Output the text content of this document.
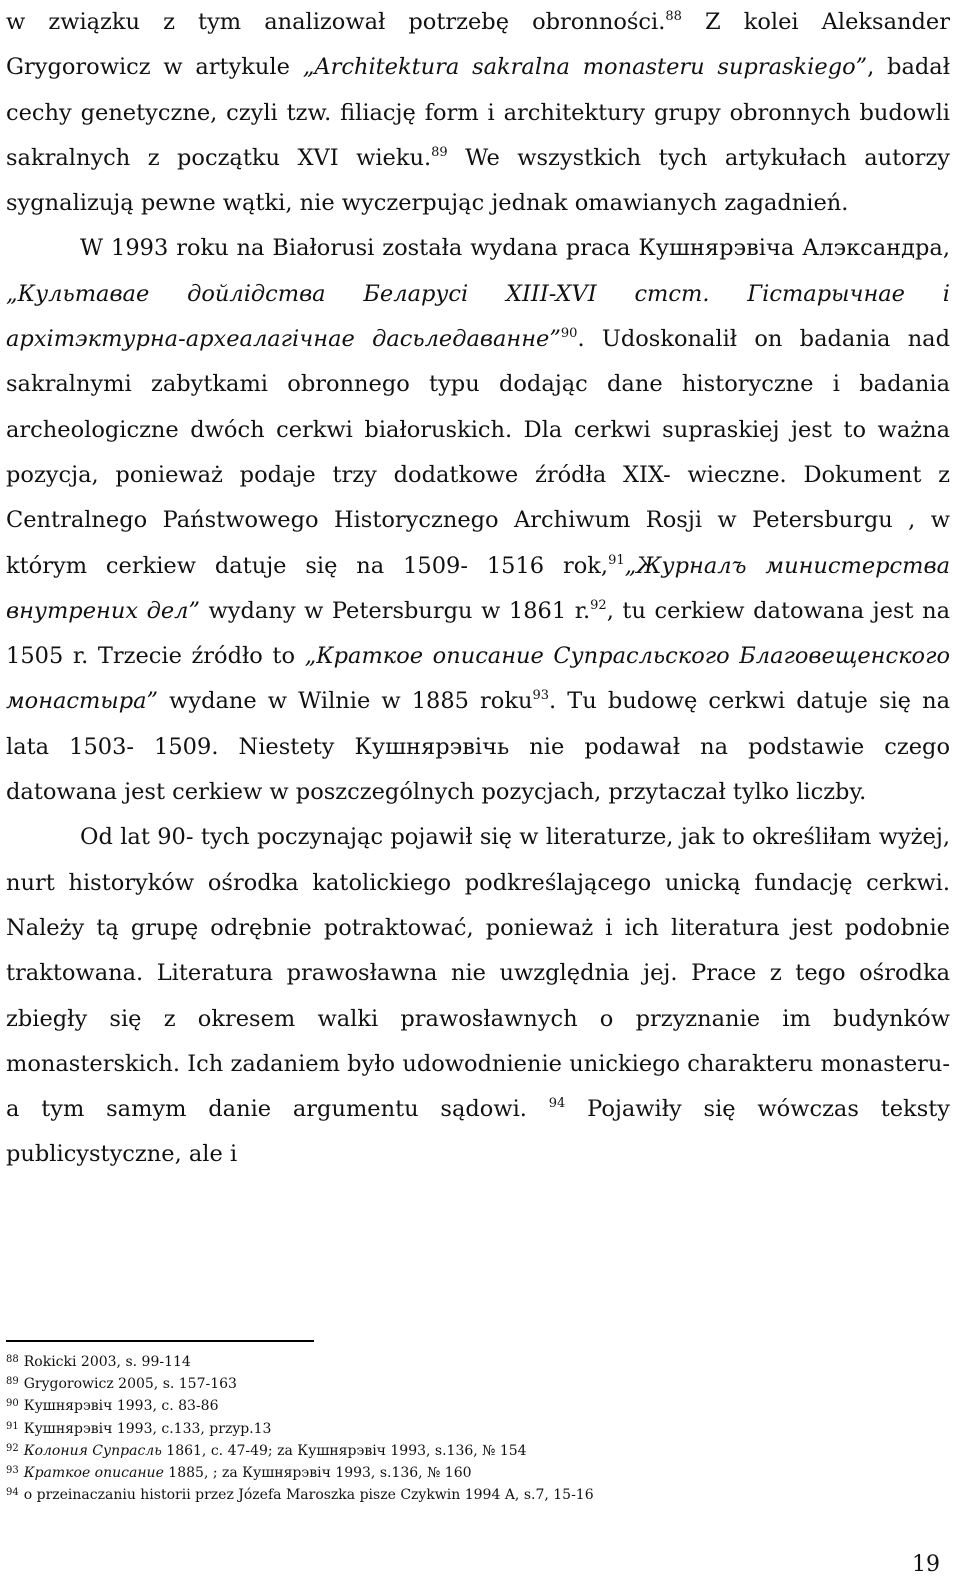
w związku z tym analizował potrzebę obronności.$^{88}$ Z kolei Aleksander Grygorowicz w artykule „Architektura sakralna monasteru supraskiego”, badał cechy genetyczne, czyli tzw. filiację form i architektury grupy obronnych budowli sakralnych z początku XVI wieku.$^{89}$ We wszystkich tych artykułach autorzy sygnalizują pewne wątki, nie wyczerpując jednak omawianych zagadnień.

W 1993 roku na Białorusi została wydana praca Кушнярэвіча Алэксандра, „Культавае дойлідства Беларусі XIII-XVI стст. Гістарычнае і архітэктурна-археалагічнае дасьледаванне”$^{90}$. Udoskonalił on badania nad sakralnymi zabytkami obronnego typu dodając dane historyczne i badania archeologiczne dwóch cerkwi białoruskich. Dla cerkwi supraskiej jest to ważna pozycja, ponieważ podaje trzy dodatkowe źródła XIX- wieczne. Dokument z Centralnego Państwowego Historycznego Archiwum Rosji w Petersburgu , w którym cerkiew datuje się na 1509- 1516 rok,$^{91}$„Журналъ министерства внутрених дел” wydany w Petersburgu w 1861 r.$^{92}$, tu cerkiew datowana jest na 1505 r. Trzecie źródło to „Краткое описание Супрасльского Благовещенского монастыра” wydane w Wilnie w 1885 roku$^{93}$. Tu budowę cerkwi datuje się na lata 1503- 1509. Niestety Кушнярэвічь nie podawał na podstawie czego datowana jest cerkiew w poszczególnych pozycjach, przytaczał tylko liczby.

Od lat 90- tych poczynając pojawił się w literaturze, jak to określiłam wyżej, nurt historyków ośrodka katolickiego podkreślającego unicką fundację cerkwi. Należy tą grupę odrębnie potraktować, ponieważ i ich literatura jest podobnie traktowana. Literatura prawosławna nie uwzględnia jej. Prace z tego ośrodka zbiegły się z okresem walki prawosławnych o przyznanie im budynków monasterskich. Ich zadaniem było udowodnienie unickiego charakteru monasteru- a tym samym danie argumentu sądowi. $^{94}$ Pojawiły się wówczas teksty publicystyczne, ale i

$^{88}$ Rokicki 2003, s. 99-114

$^{89}$ Grygorowicz 2005, s. 157-163

$^{90}$ Кушнярэвіч 1993, с. 83-86

$^{91}$ Кушнярэвіч 1993, с.133, przyp.13

$^{92}$ Колония Супрасль 1861, с. 47-49; za Кушнярэвіч 1993, s.136, № 154

$^{93}$ Краткое описание 1885, ; za Кушнярэвіч 1993, s.136, № 160

$^{94}$ o przeinaczaniu historii przez Józefa Maroszka pisze Czykwin 1994 A, s.7, 15-16

19
